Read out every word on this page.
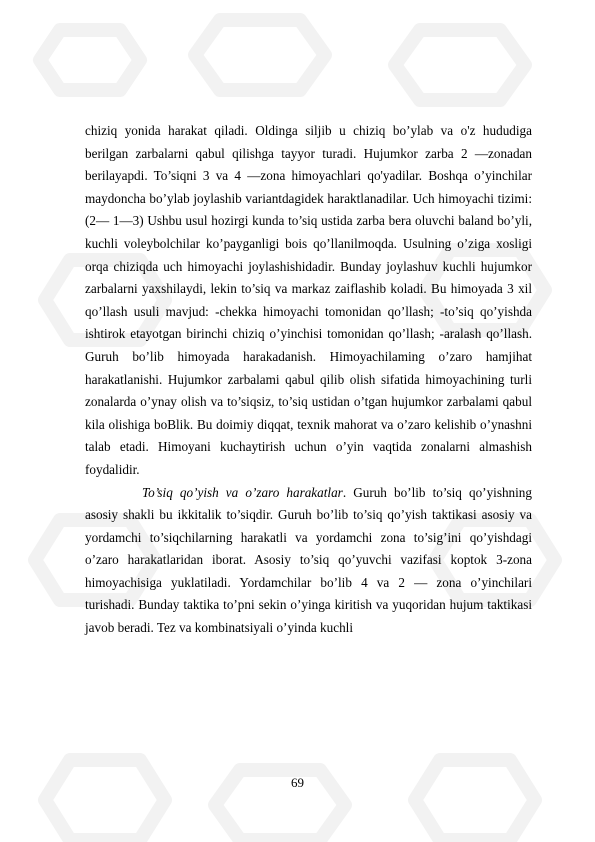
chiziq yonida harakat qiladi. Oldinga siljib u chiziq bo’ylab va o'z hududiga berilgan zarbalarni qabul qilishga tayyor turadi. Hujumkor zarba 2 —zonadan berilayapdi. To’siqni 3 va 4 —zona himoyachlari qo'yadilar. Boshqa o’yinchilar maydoncha bo’ylab joylashib variantdagidek haraktlanadilar. Uch himoyachi tizimi: (2— 1—3) Ushbu usul hozirgi kunda to’siq ustida zarba bera oluvchi baland bo’yli, kuchli voleybolchilar ko’payganligi bois qo’llanilmoqda. Usulning o’ziga xosligi orqa chiziqda uch himoyachi joylashishidadir. Bunday joylashuv kuchli hujumkor zarbalarni yaxshilaydi, lekin to’siq va markaz zaiflashib koladi. Bu himoyada 3 xil qo’llash usuli mavjud: -chekka himoyachi tomonidan qo’llash; -to’siq qo’yishda ishtirok etayotgan birinchi chiziq o’yinchisi tomonidan qo’llash; -aralash qo’llash. Guruh bo’lib himoyada harakadanish. Himoyachilaming o’zaro hamjihat harakatlanishi. Hujumkor zarbalami qabul qilib olish sifatida himoyachining turli zonalarda o’ynay olish va to’siqsiz, to’siq ustidan o’tgan hujumkor zarbalami qabul kila olishiga boBlik. Bu doimiy diqqat, texnik mahorat va o’zaro kelishib o’ynashni talab etadi. Himoyani kuchaytirish uchun o’yin vaqtida zonalarni almashish foydalidir.

To’siq qo’yish va o’zaro harakatlar. Guruh bo’lib to’siq qo’yishning asosiy shakli bu ikkitalik to’siqdir. Guruh bo’lib to’siq qo’yish taktikasi asosiy va yordamchi to’siqchilarning harakatli va yordamchi zona to’sig’ini qo’yishdagi o’zaro harakatlaridan iborat. Asosiy to’siq qo’yuvchi vazifasi koptok 3-zona himoyachisiga yuklatiladi. Yordamchilar bo’lib 4 va 2 — zona o’yinchilari turishadi. Bunday taktika to’pni sekin o’yinga kiritish va yuqoridan hujum taktikasi javob beradi. Tez va kombinatsiyali o’yinda kuchli

69
